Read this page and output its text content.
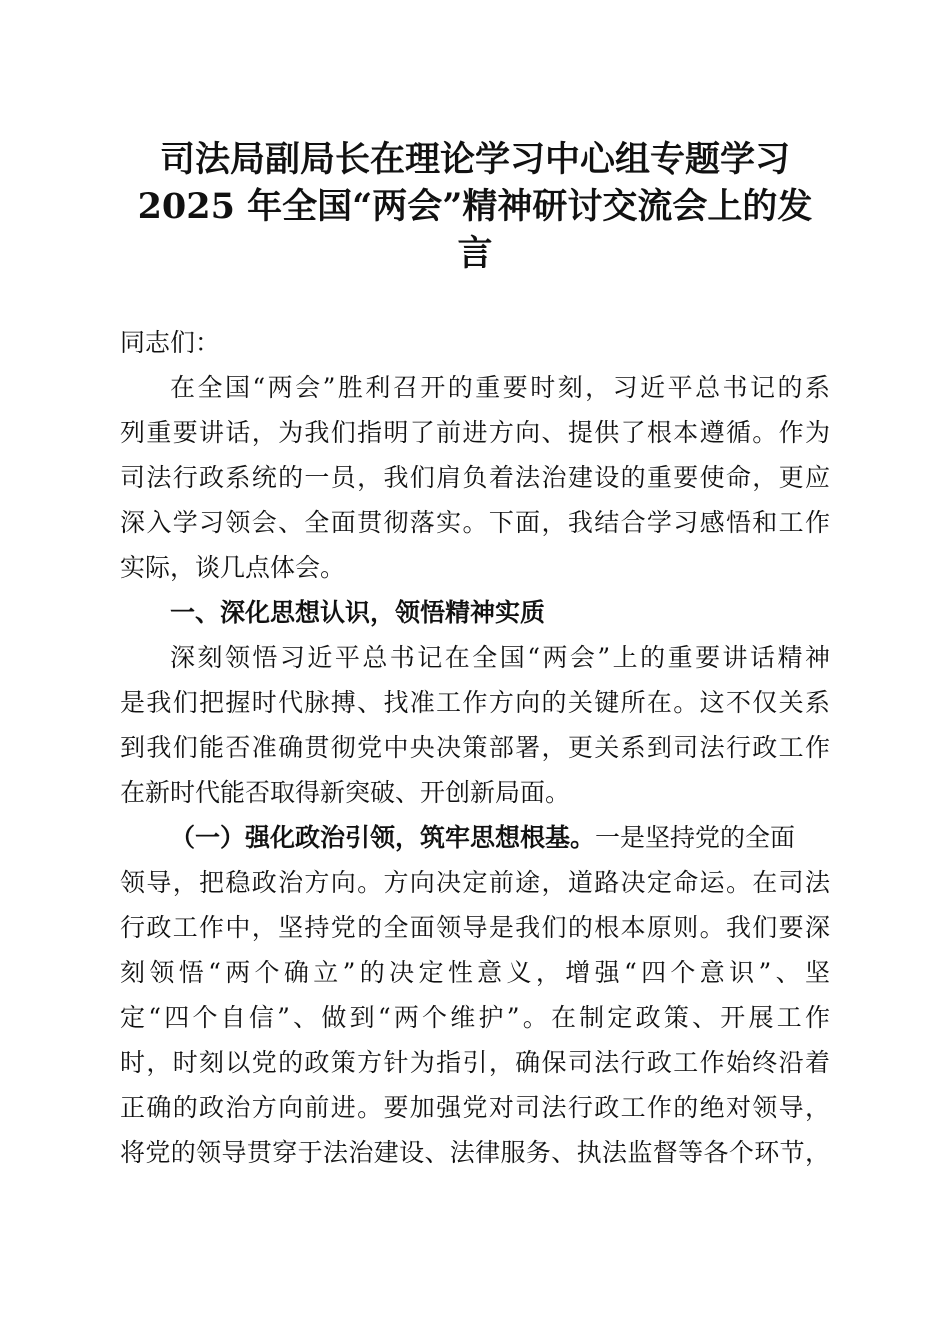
司法局副局长在理论学习中心组专题学习
2025 年全国“两会”精神研讨交流会上的发
言
同志们：
在全国“两会”胜利召开的重要时刻，习近平总书记的系
列重要讲话，为我们指明了前进方向、提供了根本遵循。作为
司法行政系统的一员，我们肩负着法治建设的重要使命，更应
深入学习领会、全面贯彻落实。下面，我结合学习感悟和工作
实际，谈几点体会。
一、深化思想认识，领悟精神实质
深刻领悟习近平总书记在全国“两会”上的重要讲话精神
是我们把握时代脉搏、找准工作方向的关键所在。这不仅关系
到我们能否准确贯彻党中央决策部署，更关系到司法行政工作
在新时代能否取得新突破、开创新局面。
（一）强化政治引领，筑牢思想根基。一是坚持党的全面
领导，把稳政治方向。方向决定前途，道路决定命运。在司法
行政工作中，坚持党的全面领导是我们的根本原则。我们要深
刻领悟“两个确立”的决定性意义，增强“四个意识”、坚
定“四个自信”、做到“两个维护”。在制定政策、开展工作
时，时刻以党的政策方针为指引，确保司法行政工作始终沿着
正确的政治方向前进。要加强党对司法行政工作的绝对领导，
将党的领导贯穿于法治建设、法律服务、执法监督等各个环节，
